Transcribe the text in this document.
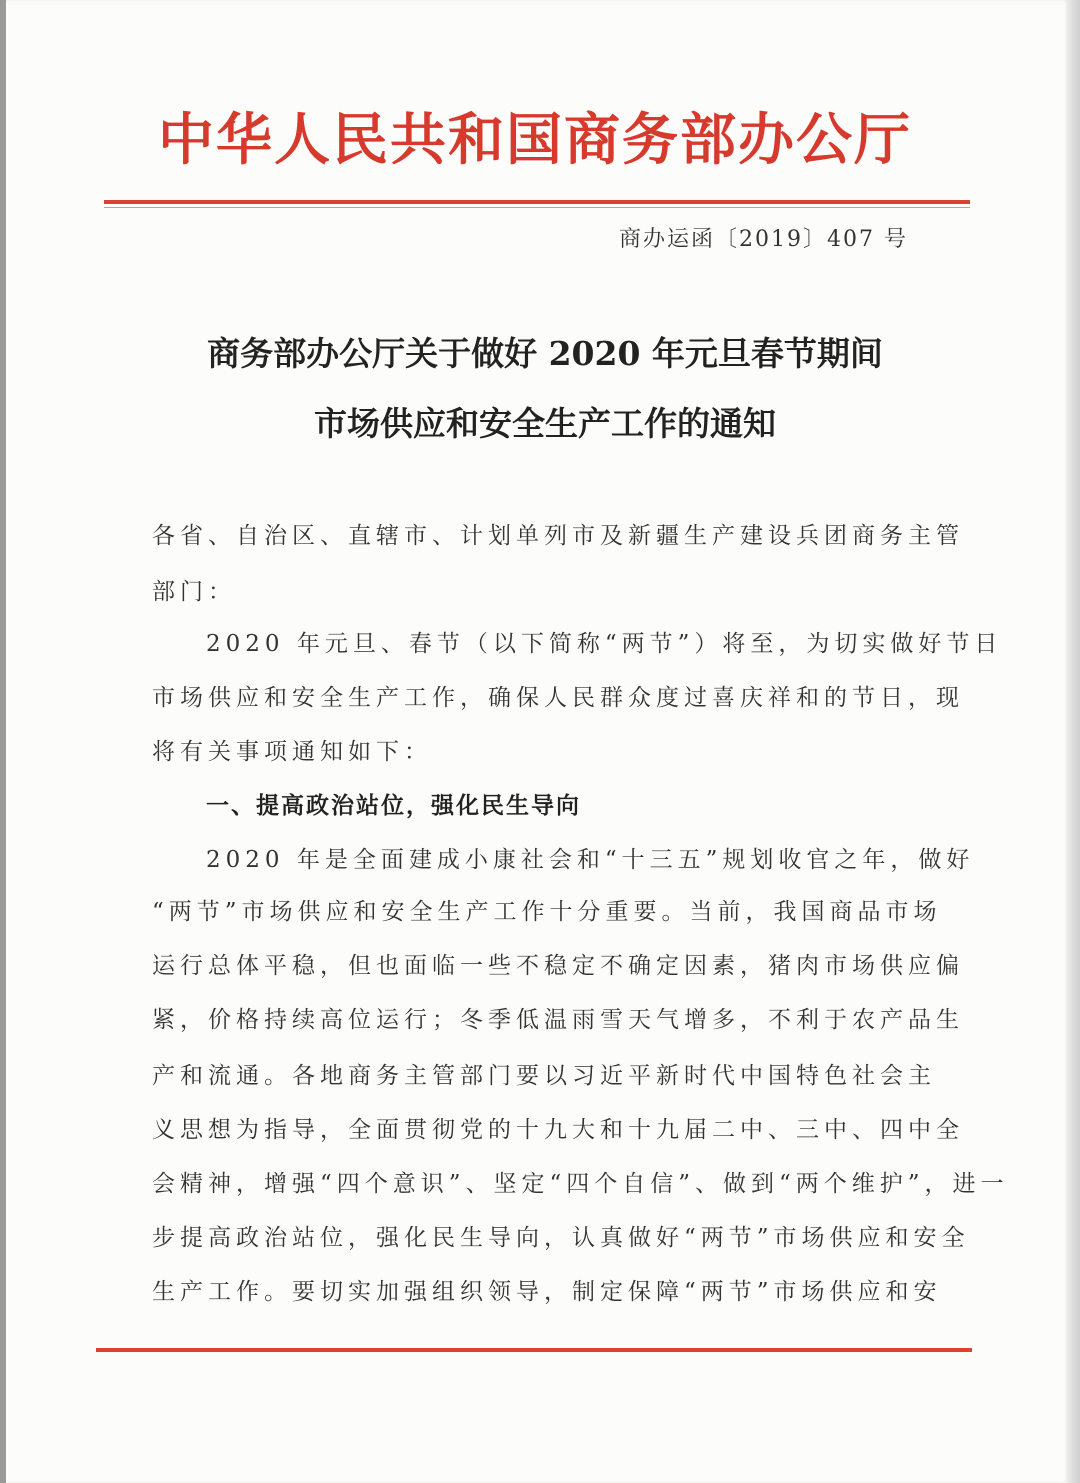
中华人民共和国商务部办公厅
商办运函〔2019〕407 号
商务部办公厅关于做好 2020 年元旦春节期间
市场供应和安全生产工作的通知
各省、自治区、直辖市、计划单列市及新疆生产建设兵团商务主管
部门：
2020 年元旦、春节（以下简称“两节”）将至，为切实做好节日
市场供应和安全生产工作，确保人民群众度过喜庆祥和的节日，现
将有关事项通知如下：
一、提高政治站位，强化民生导向
2020 年是全面建成小康社会和“十三五”规划收官之年，做好
“两节”市场供应和安全生产工作十分重要。当前，我国商品市场
运行总体平稳，但也面临一些不稳定不确定因素，猪肉市场供应偏
紧，价格持续高位运行；冬季低温雨雪天气增多，不利于农产品生
产和流通。各地商务主管部门要以习近平新时代中国特色社会主
义思想为指导，全面贯彻党的十九大和十九届二中、三中、四中全
会精神，增强“四个意识”、坚定“四个自信”、做到“两个维护”，进一
步提高政治站位，强化民生导向，认真做好“两节”市场供应和安全
生产工作。要切实加强组织领导，制定保障“两节”市场供应和安
